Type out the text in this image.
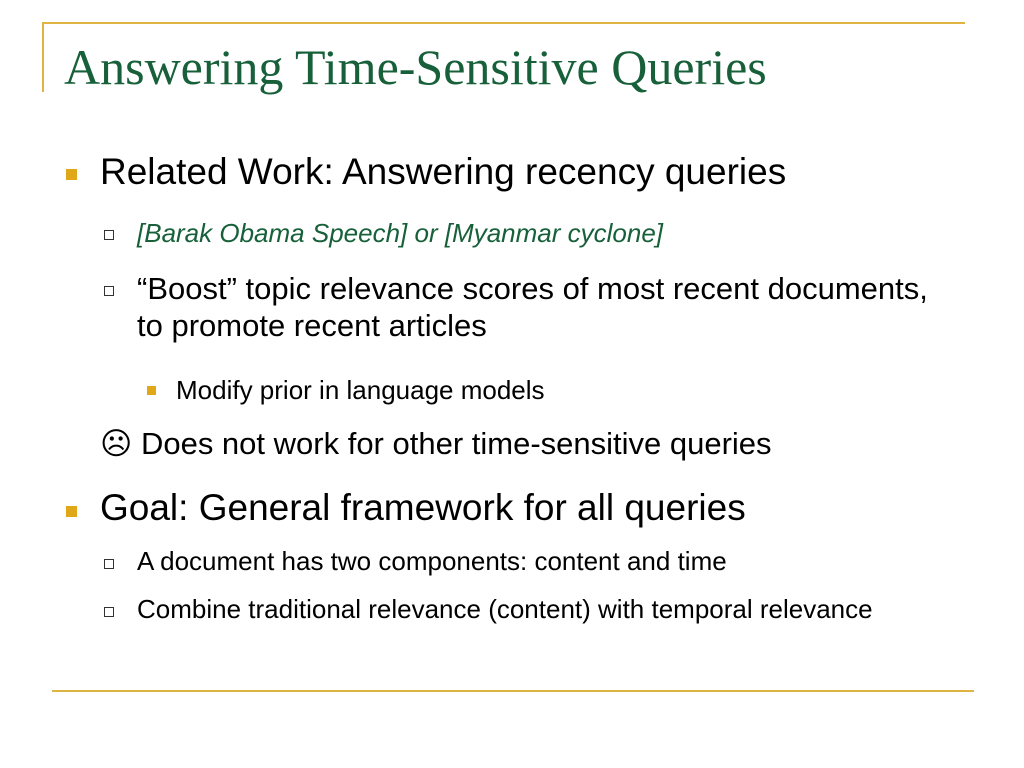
Answering Time-Sensitive Queries
Related Work: Answering recency queries
[Barak Obama Speech] or [Myanmar cyclone]
“Boost” topic relevance scores of most recent documents, to promote recent articles
Modify prior in language models
☹ Does not work for other time-sensitive queries
Goal: General framework for all queries
A document has two components: content and time
Combine traditional relevance (content) with temporal relevance
